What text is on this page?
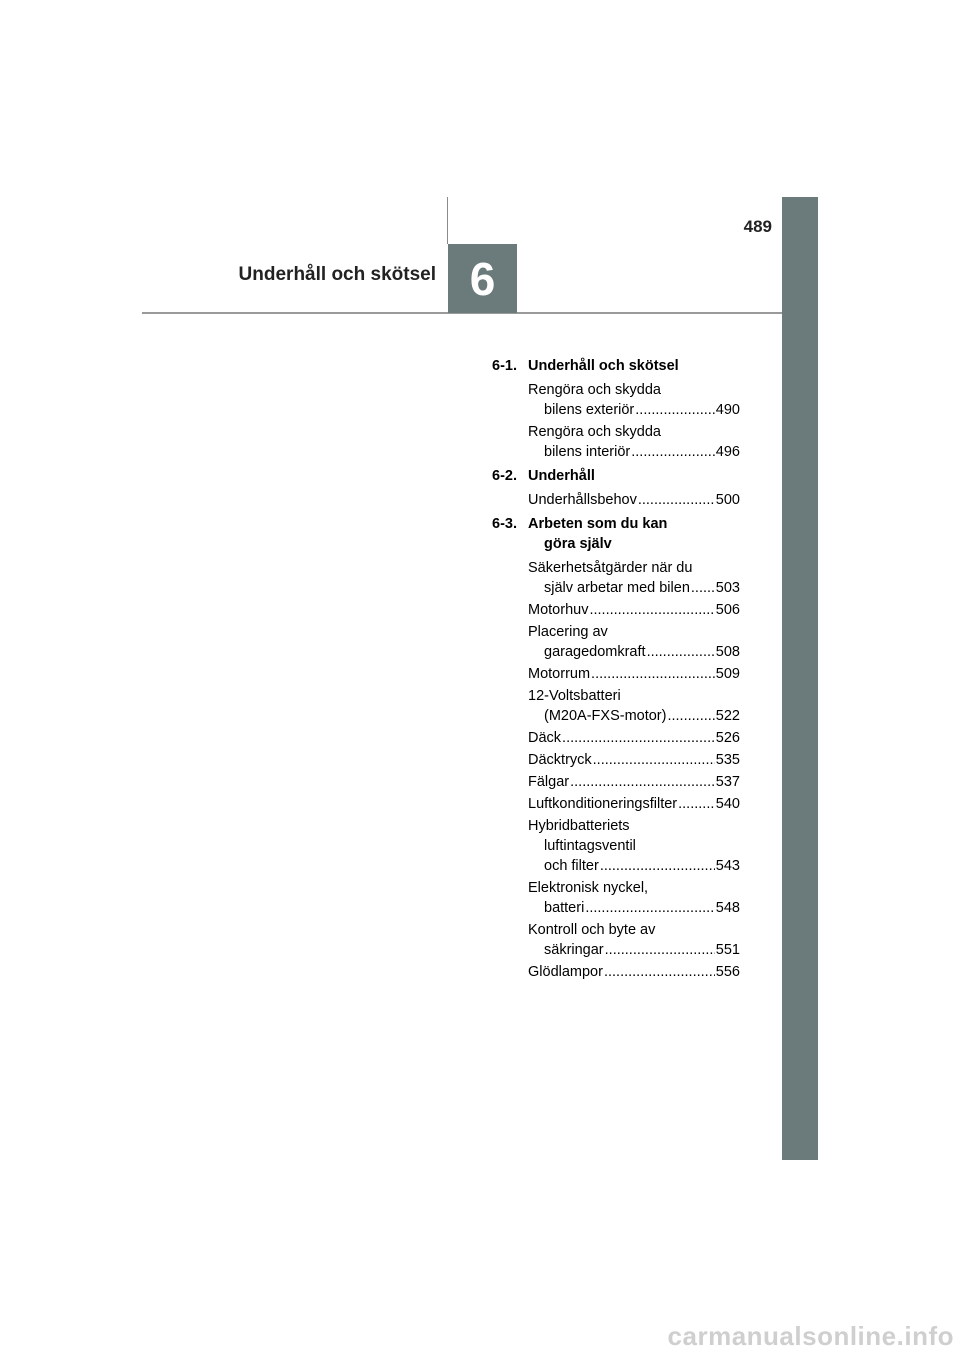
489
Underhåll och skötsel 6
6-1. Underhåll och skötsel
Rengöra och skydda
bilens exteriör .....	490
Rengöra och skydda
bilens interiör .....	496
6-2. Underhåll
Underhållsbehov .....	500
6-3. Arbeten som du kan
göra själv
Säkerhetsåtgärder när du
själv arbetar med bilen ..... 503
Motorhuv .....	506
Placering av
garagedomkraft .....	508
Motorrum .....	509
12-Voltsbatteri
(M20A-FXS-motor) .....	522
Däck .....	526
Däcktryck .....	535
Fälgar .....	537
Luftkonditioneringsfilter .....	540
Hybridbatteriets
luftintagsventil
och filter .....	543
Elektronisk nyckel,
batteri .....	548
Kontroll och byte av
säkringar .....	551
Glödlampor .....	556
carmanualsonline.info
